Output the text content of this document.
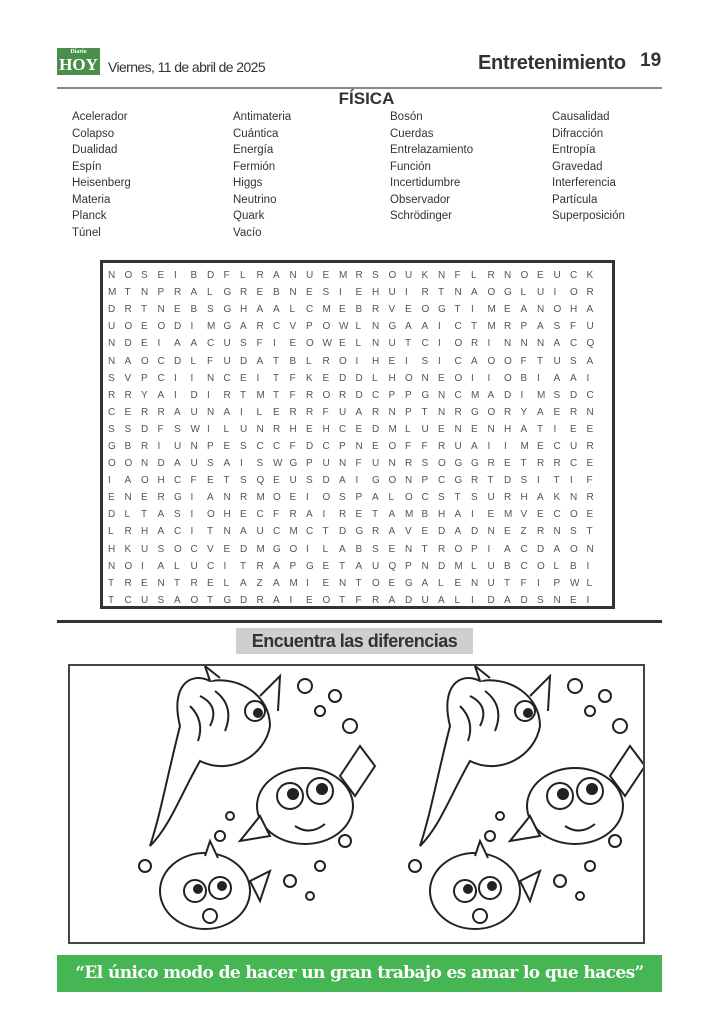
Diario
HOY Viernes, 11 de abril de 2025	Entretenimiento 19
FÍSICA
Acelerador	Antimateria	Bosón	Causalidad
Colapso	Cuántica	Cuerdas	Difracción
Dualidad	Energía	Entrelazamiento	Entropía
Espín	Fermión	Función	Gravedad
Heisenberg	Higgs	Incertidumbre	Interferencia
Materia	Neutrino	Observador	Partícula
Planck	Quark	Schrödinger	Superposición
Túnel	Vacío
N	O	S	E	I	B	D	F	L	R	A	N	U	E	M	R	S	O	U	K	N	F	L	R	N	O	E	U	C	K
M	T	N	P	R	A	L	G	R	E	B	N	E	S	I	E	H	U	I	R	T	N	A	O	G	L	U	I	O	R
D	R	T	N	E	B	S	G	H	A	A	L	C	M	E	B	R	V	E	O	G	T	I	M	E	A	N	O	H	A
U	O	E	O	D	I	M	G	A	R	C	V	P	O	W	L	N	G	A	A	I	C	T	M	R	P	A	S	F	U
N	D	E	I	A	A	C	U	S	F	I	E	O	W	E	L	N	U	T	C	I	O	R	I	N	N	N	A	C	Q
N	A	O	C	D	L	F	U	D	A	T	B	L	R	O	I	H	E	I	S	I	C	A	O	O	F	T	U	S	A
S	V	P	C	I	I	N	C	E	I	T	F	K	E	D	D	L	H	O	N	E	O	I	I	O	B	I	A	A	I
R	R	Y	A	I	D	I	R	T	M	T	F	R	O	R	D	C	P	P	G	N	C	M	A	D	I	M	S	D	C
C	E	R	R	A	U	N	A	I	L	E	R	R	F	U	A	R	N	P	T	N	R	G	O	R	Y	A	E	R	N
S	S	D	F	S	W	I	L	U	N	R	H	E	H	C	E	D	M	L	U	E	N	E	N	H	A	T	I	E	E
G	B	R	I	U	N	P	E	S	C	C	F	D	C	P	N	E	O	F	F	R	U	A	I	I	M	E	C	U	R
O	O	N	D	A	U	S	A	I	S	W	G	P	U	N	F	U	N	R	S	O	G	G	R	E	T	R	R	C	E
I	A	O	H	C	F	E	T	S	Q	E	U	S	D	A	I	G	O	N	P	C	G	R	T	D	S	I	T	I	F
E	N	E	R	G	I	A	N	R	M	O	E	I	O	S	P	A	L	O	C	S	T	S	U	R	H	A	K	N	R
D	L	T	A	S	I	O	H	E	C	F	R	A	I	R	E	T	A	M	B	H	A	I	E	M	V	E	C	O	E
L	R	H	A	C	I	T	N	A	U	C	M	C	T	D	G	R	A	V	E	D	A	D	N	E	Z	R	N	S	T
H	K	U	S	O	C	V	E	D	M	G	O	I	L	A	B	S	E	N	T	R	O	P	I	A	C	D	A	O	N
N	O	I	A	L	U	C	I	T	R	A	P	G	E	T	A	U	Q	P	N	D	M	L	U	B	C	O	L	B	I
T	R	E	N	T	R	E	L	A	Z	A	M	I	E	N	T	O	E	G	A	L	E	N	U	T	F	I	P	W	L
T	C	U	S	A	O	T	G	D	R	A	I	E	O	T	F	R	A	D	U	A	L	I	D	A	D	S	N	E	I
Encuentra las diferencias
“El único modo de hacer un gran trabajo es amar lo que haces”
